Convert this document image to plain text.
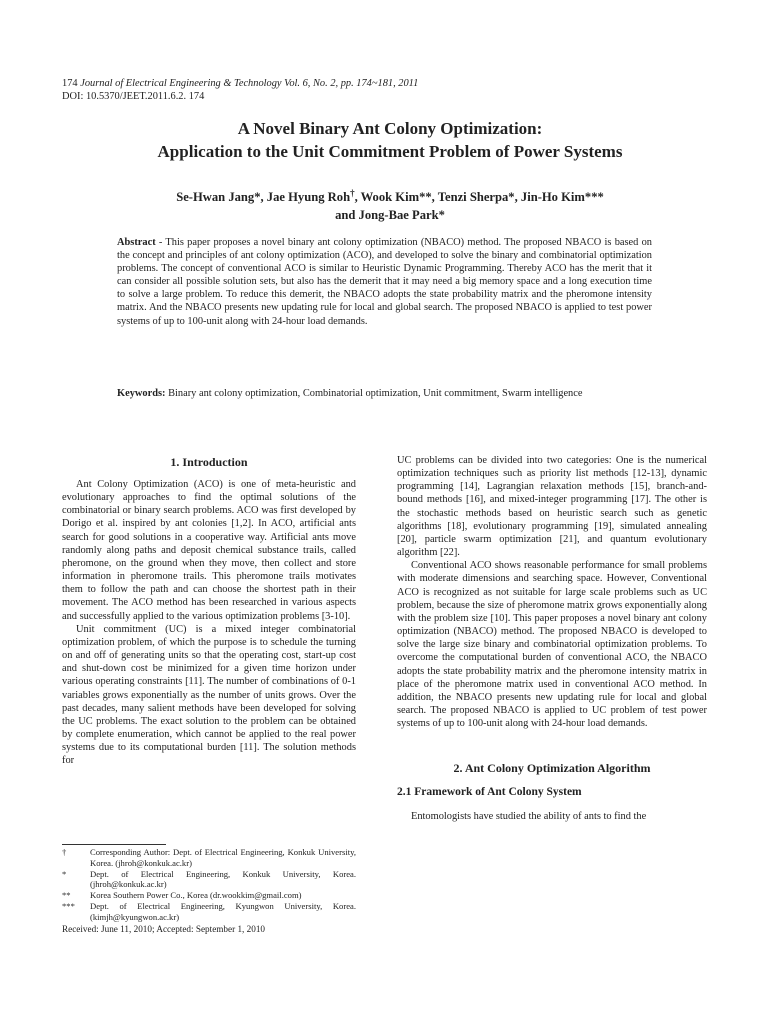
174 Journal of Electrical Engineering & Technology Vol. 6, No. 2, pp. 174~181, 2011
DOI: 10.5370/JEET.2011.6.2. 174
A Novel Binary Ant Colony Optimization:
Application to the Unit Commitment Problem of Power Systems
Se-Hwan Jang*, Jae Hyung Roh†, Wook Kim**, Tenzi Sherpa*, Jin-Ho Kim***
and Jong-Bae Park*

Abstract - This paper proposes a novel binary ant colony optimization (NBACO) method. The proposed NBACO is based on the concept and principles of ant colony optimization (ACO), and developed to solve the binary and combinatorial optimization problems. The concept of conventional ACO is similar to Heuristic Dynamic Programming. Thereby ACO has the merit that it can consider all possible solution sets, but also has the demerit that it may need a big memory space and a long execution time to solve a large problem. To reduce this demerit, the NBACO adopts the state probability matrix and the pheromone intensity matrix. And the NBACO presents new updating rule for local and global search. The proposed NBACO is applied to test power systems of up to 100-unit along with 24-hour load demands.

Keywords: Binary ant colony optimization, Combinatorial optimization, Unit commitment, Swarm intelligence

1. Introduction

Ant Colony Optimization (ACO) is one of meta-heuristic and evolutionary approaches to find the optimal solutions of the combinatorial or binary search problems. ACO was first developed by Dorigo et al. inspired by ant colonies [1,2]. In ACO, artificial ants search for good solutions in a cooperative way. Artificial ants move randomly along paths and deposit chemical substance trails, called pheromone, on the ground when they move, then collect and store information in pheromone trails. This pheromone trails motivates them to follow the path and can choose the shortest path in their movement. The ACO method has been researched in various aspects and successfully applied to the various optimization problems [3-10].

Unit commitment (UC) is a mixed integer combinatorial optimization problem, of which the purpose is to schedule the turning on and off of generating units so that the operating cost, start-up cost and shut-down cost be minimized for a given time horizon under various operating constraints [11]. The number of combinations of 0-1 variables grows exponentially as the number of units grows. Over the past decades, many salient methods have been developed for solving the UC problems. The exact solution to the problem can be obtained by complete enumeration, which cannot be applied to the real power systems due to its computational burden [11]. The solution methods for

UC problems can be divided into two categories: One is the numerical optimization techniques such as priority list methods [12-13], dynamic programming [14], Lagrangian relaxation methods [15], branch-and-bound methods [16], and mixed-integer programming [17]. The other is the stochastic methods based on heuristic search such as genetic algorithms [18], evolutionary programming [19], simulated annealing [20], particle swarm optimization [21], and quantum evolutionary algorithm [22].

Conventional ACO shows reasonable performance for small problems with moderate dimensions and searching space. However, Conventional ACO is recognized as not suitable for large scale problems such as UC problem, because the size of pheromone matrix grows exponentially along with the problem size [10]. This paper proposes a novel binary ant colony optimization (NBACO) method. The proposed NBACO is developed to solve the large size binary and combinatorial optimization problems. To overcome the computational burden of conventional ACO, the NBACO adopts the state probability matrix and the pheromone intensity matrix in place of the pheromone matrix used in conventional ACO method. In addition, the NBACO presents new updating rule for local and global search. The proposed NBACO is applied to UC problem of test power systems of up to 100-unit along with 24-hour load demands.

2. Ant Colony Optimization Algorithm

2.1 Framework of Ant Colony System

Entomologists have studied the ability of ants to find the

†	Corresponding Author: Dept. of Electrical Engineering, Konkuk University, Korea. (jhroh@konkuk.ac.kr)
*	Dept. of Electrical Engineering, Konkuk University, Korea. (jhroh@konkuk.ac.kr)
**	Korea Southern Power Co., Korea (dr.wookkim@gmail.com)
***	Dept. of Electrical Engineering, Kyungwon University, Korea. (kimjh@kyungwon.ac.kr)
Received: June 11, 2010; Accepted: September 1, 2010
